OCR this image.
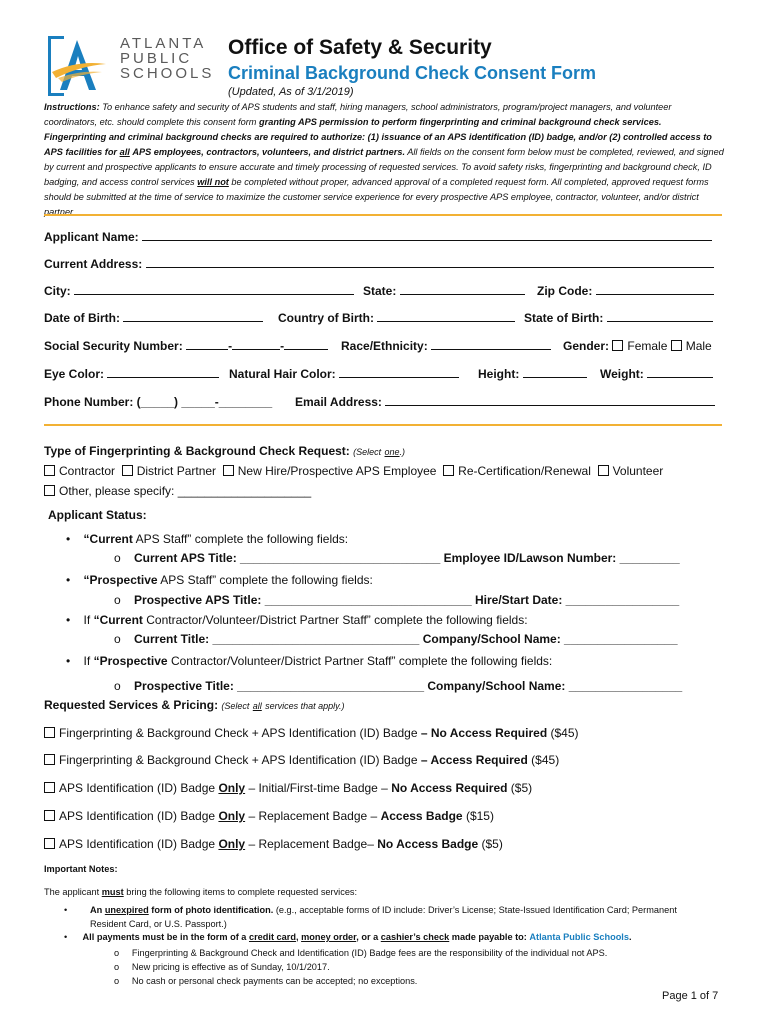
ATLANTA
PUBLIC
SCHOOLS
Office of Safety & Security
Criminal Background Check Consent Form
(Updated, As of 3/1/2019)
Instructions: To enhance safety and security of APS students and staff, hiring managers, school administrators, program/project managers, and volunteer coordinators, etc. should complete this consent form granting APS permission to perform fingerprinting and criminal background check services. Fingerprinting and criminal background checks are required to authorize: (1) issuance of an APS identification (ID) badge, and/or (2) controlled access to APS facilities for all APS employees, contractors, volunteers, and district partners. All fields on the consent form below must be completed, reviewed, and signed by current and prospective applicants to ensure accurate and timely processing of requested services. To avoid safety risks, fingerprinting and background check, ID badging, and access control services will not be completed without proper, advanced approval of a completed request form. All completed, approved request forms should be submitted at the time of service to maximize the customer service experience for every prospective APS employee, contractor, volunteer, and/or district partner.
Applicant Name:
Current Address:
City:	State:	Zip Code:
Date of Birth:	Country of Birth:	State of Birth:
Social Security Number:	-	-	Race/Ethnicity:	Gender: Female Male
Eye Color:	Natural Hair Color:	Height:	Weight:
Phone Number: (_____) _____-________ Email Address:
Type of Fingerprinting & Background Check Request: (Select one.)
Contractor District Partner New Hire/Prospective APS Employee Re-Certification/Renewal Volunteer
Other, please specify: ____________________
Applicant Status:
•    “Current APS Staff” complete the following fields:
o    Current APS Title: ______________________________ Employee ID/Lawson Number: _________
•    “Prospective APS Staff” complete the following fields:
o    Prospective APS Title: _______________________________ Hire/Start Date: _________________
•    If “Current Contractor/Volunteer/District Partner Staff” complete the following fields:
o    Current Title: _______________________________ Company/School Name: _________________
•    If “Prospective Contractor/Volunteer/District Partner Staff” complete the following fields:
o    Prospective Title: ____________________________ Company/School Name: _________________
Requested Services & Pricing: (Select all services that apply.)
Fingerprinting & Background Check + APS Identification (ID) Badge – No Access Required ($45)
Fingerprinting & Background Check + APS Identification (ID) Badge – Access Required ($45)
APS Identification (ID) Badge Only – Initial/First-time Badge – No Access Required ($5)
APS Identification (ID) Badge Only – Replacement Badge – Access Badge ($15)
APS Identification (ID) Badge Only – Replacement Badge– No Access Badge ($5)
Important Notes:
The applicant must bring the following items to complete requested services:
• An unexpired form of photo identification. (e.g., acceptable forms of ID include: Driver’s License; State-Issued Identification Card; Permanent Resident Card, or U.S. Passport.)
• All payments must be in the form of a credit card, money order, or a cashier’s check made payable to: Atlanta Public Schools.
o     Fingerprinting & Background Check and Identification (ID) Badge fees are the responsibility of the individual not APS.
o     New pricing is effective as of Sunday, 10/1/2017.
o     No cash or personal check payments can be accepted; no exceptions.
Page 1 of 7
